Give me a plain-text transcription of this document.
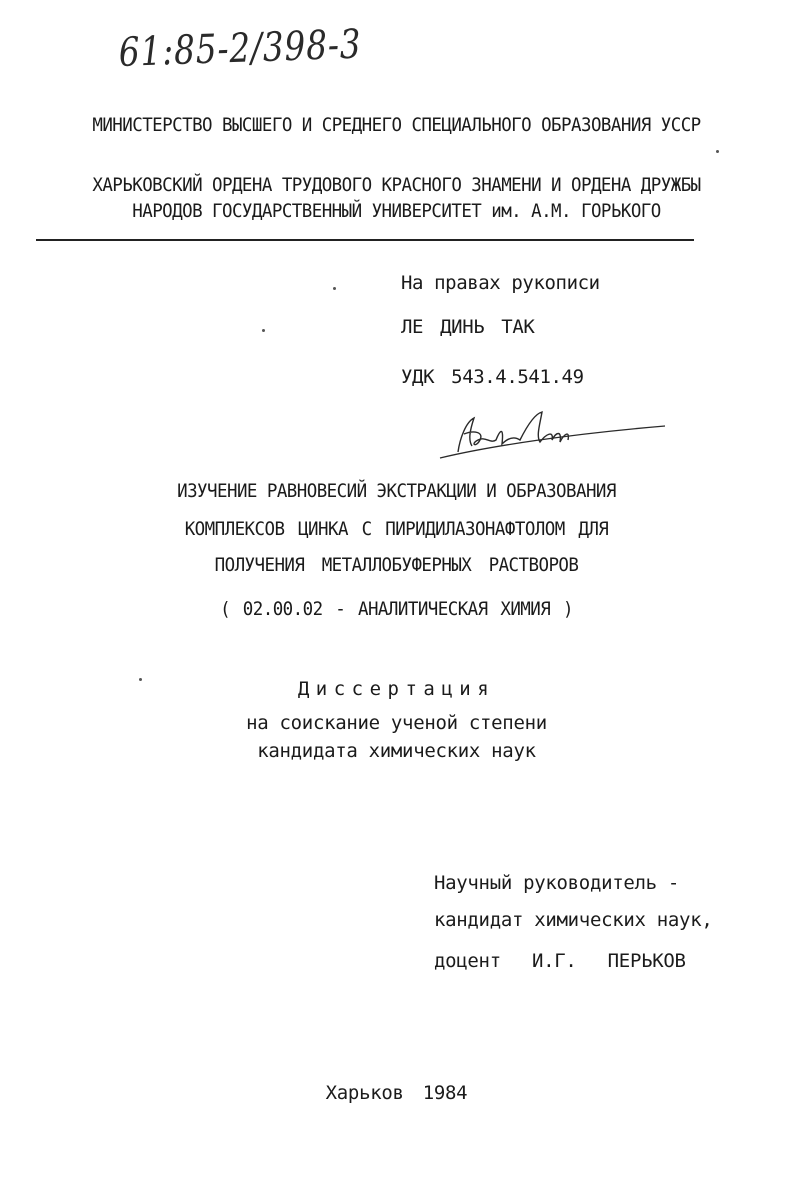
61:85-2/398-3
МИНИСТЕРСТВО ВЫСШЕГО И СРЕДНЕГО СПЕЦИАЛЬНОГО ОБРАЗОВАНИЯ УССР
ХАРЬКОВСКИЙ ОРДЕНА ТРУДОВОГО КРАСНОГО ЗНАМЕНИ И ОРДЕНА ДРУЖБЫ
НАРОДОВ ГОСУДАРСТВЕННЫЙ УНИВЕРСИТЕТ им. А.М. ГОРЬКОГО
На правах рукописи
ЛЕ ДИНЬ ТАК
УДК 543.4.541.49
ИЗУЧЕНИЕ РАВНОВЕСИЙ ЭКСТРАКЦИИ И ОБРАЗОВАНИЯ
КОМПЛЕКСОВ ЦИНКА С ПИРИДИЛАЗОНАФТОЛОМ ДЛЯ
ПОЛУЧЕНИЯ МЕТАЛЛОБУФЕРНЫХ РАСТВОРОВ
( 02.00.02 - АНАЛИТИЧЕСКАЯ ХИМИЯ )
Диссертация
на соискание ученой степени
кандидата химических наук
Научный руководитель -
кандидат химических наук,
доцент И.Г. ПЕРЬКОВ
Харьков 1984
